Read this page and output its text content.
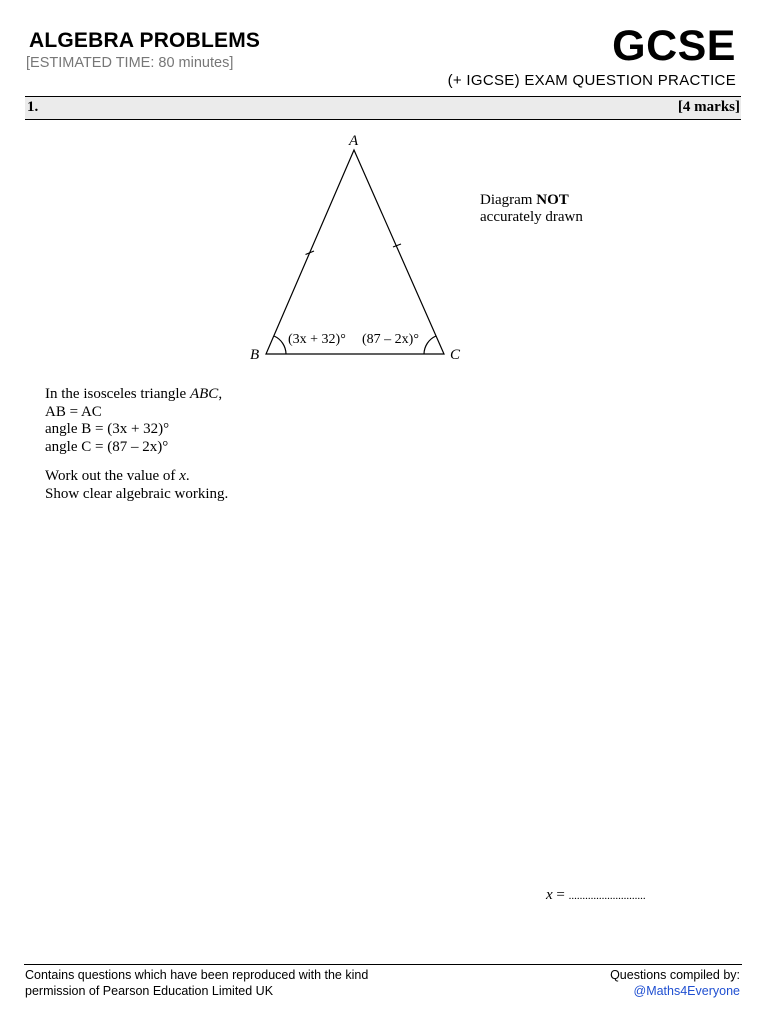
ALGEBRA PROBLEMS
[ESTIMATED TIME: 80 minutes]	GCSE
(+ IGCSE) EXAM QUESTION PRACTICE
1.	[4 marks]
A
B	C
(3x + 32)° (87 – 2x)°
Diagram NOT
accurately drawn

In the isosceles triangle ABC,

AB = AC

angle B = (3x + 32)°

angle C = (87 – 2x)°

Work out the value of x.

Show clear algebraic working.

x = ............................
Contains questions which have been reproduced with the kind
permission of Pearson Education Limited UK
Questions compiled by:
@Maths4Everyone
